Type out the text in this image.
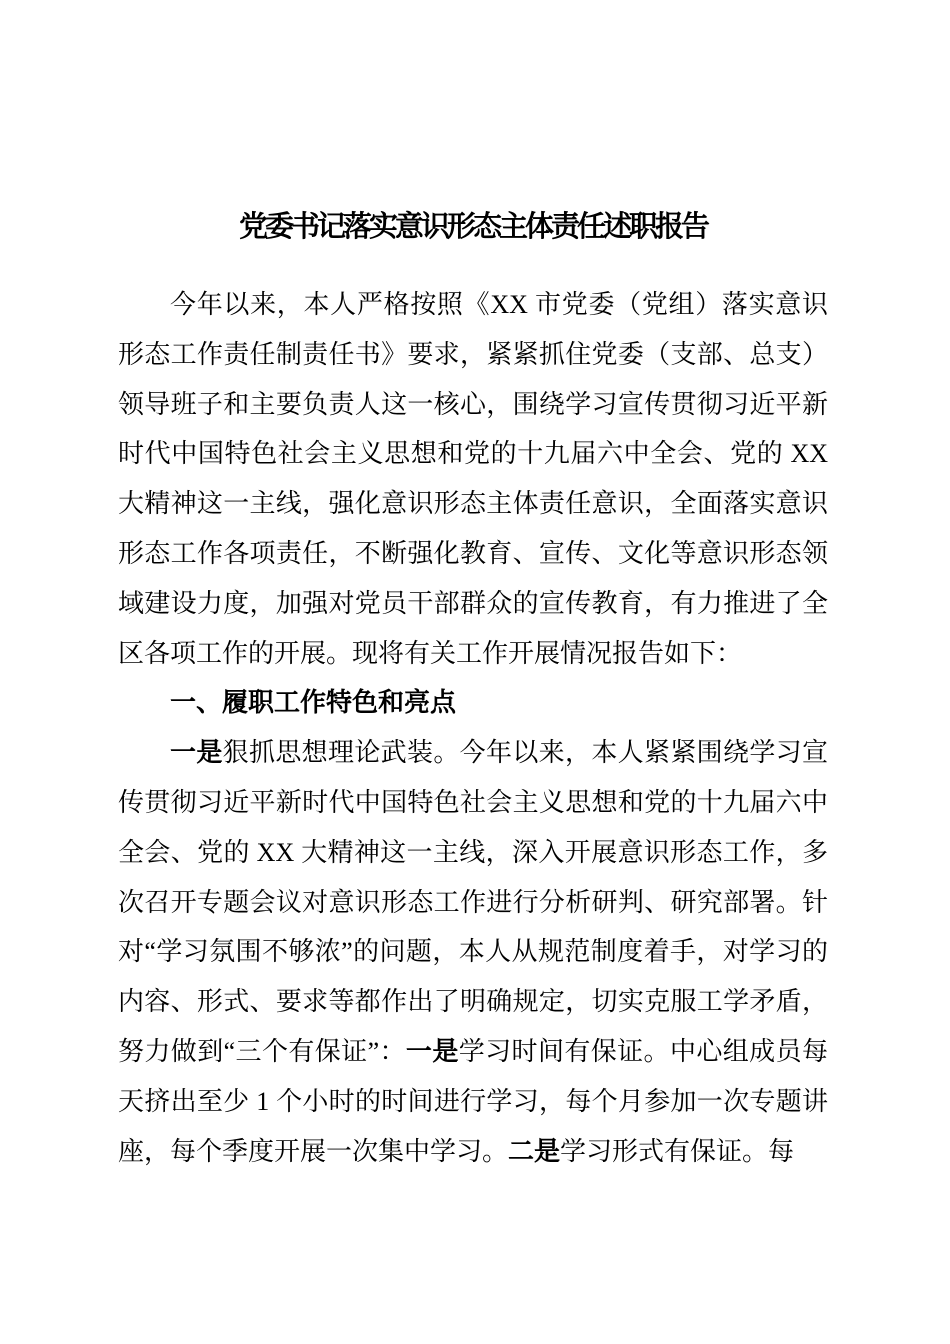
党委书记落实意识形态主体责任述职报告

今年以来，本人严格按照《XX 市党委（党组）落实意识形态工作责任制责任书》要求，紧紧抓住党委（支部、总支）领导班子和主要负责人这一核心，围绕学习宣传贯彻习近平新时代中国特色社会主义思想和党的十九届六中全会、党的 XX 大精神这一主线，强化意识形态主体责任意识，全面落实意识形态工作各项责任，不断强化教育、宣传、文化等意识形态领域建设力度，加强对党员干部群众的宣传教育，有力推进了全区各项工作的开展。现将有关工作开展情况报告如下：

一、履职工作特色和亮点

一是狠抓思想理论武装。今年以来，本人紧紧围绕学习宣传贯彻习近平新时代中国特色社会主义思想和党的十九届六中全会、党的 XX 大精神这一主线，深入开展意识形态工作，多次召开专题会议对意识形态工作进行分析研判、研究部署。针对“学习氛围不够浓”的问题，本人从规范制度着手，对学习的内容、形式、要求等都作出了明确规定，切实克服工学矛盾，努力做到“三个有保证”：一是学习时间有保证。中心组成员每天挤出至少 1 个小时的时间进行学习，每个月参加一次专题讲座，每个季度开展一次集中学习。二是学习形式有保证。每
